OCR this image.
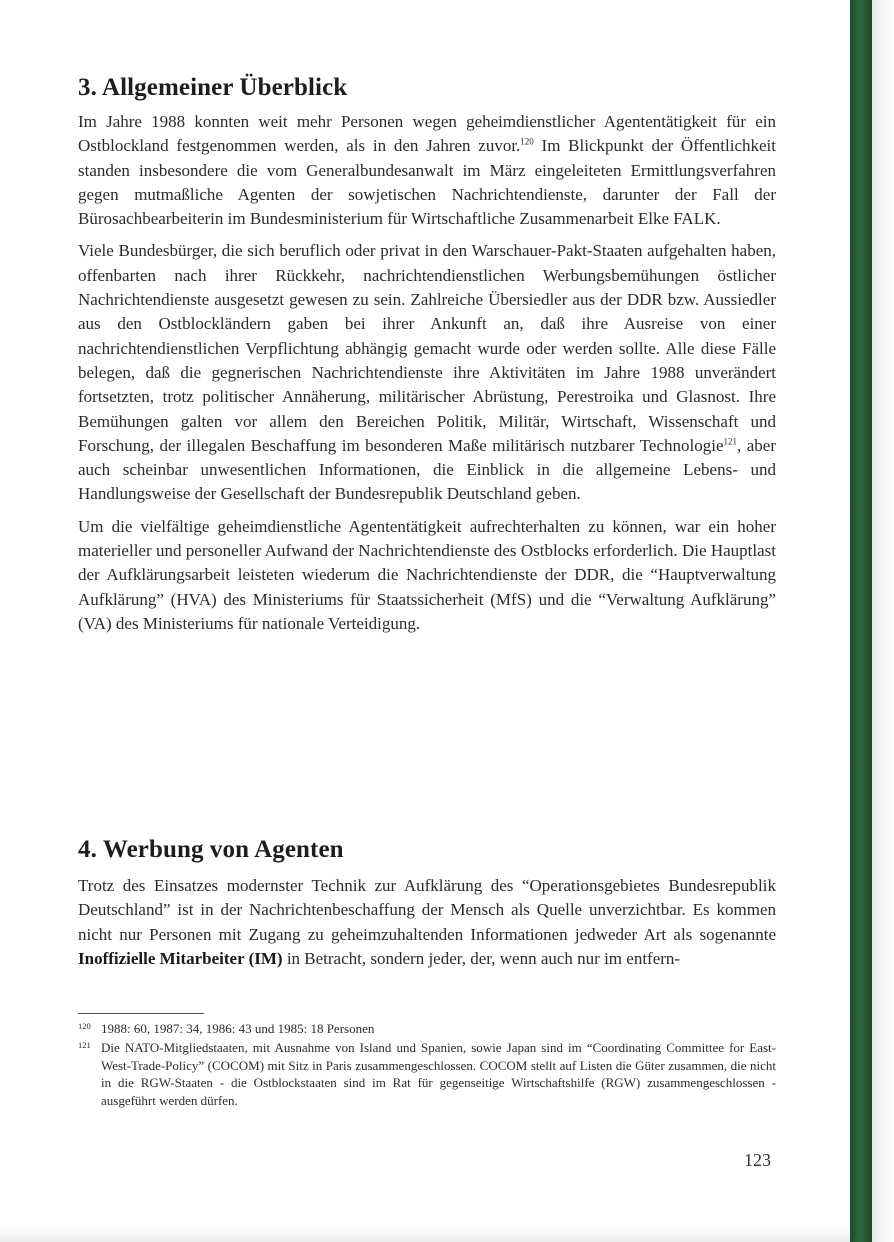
3. Allgemeiner Überblick

Im Jahre 1988 konnten weit mehr Personen wegen geheimdienstlicher Agententätigkeit für ein Ostblockland festgenommen werden, als in den Jahren zuvor.$^{120}$ Im Blickpunkt der Öffentlichkeit standen insbesondere die vom Generalbundesanwalt im März eingeleiteten Ermittlungsverfahren gegen mutmaßliche Agenten der sowjetischen Nachrichtendienste, darunter der Fall der Bürosachbearbeiterin im Bundesministerium für Wirtschaftliche Zusammenarbeit Elke FALK.

Viele Bundesbürger, die sich beruflich oder privat in den Warschauer-Pakt-Staaten aufgehalten haben, offenbarten nach ihrer Rückkehr, nachrichtendienstlichen Werbungsbemühungen östlicher Nachrichtendienste ausgesetzt gewesen zu sein. Zahlreiche Übersiedler aus der DDR bzw. Aussiedler aus den Ostblockländern gaben bei ihrer Ankunft an, daß ihre Ausreise von einer nachrichtendienstlichen Verpflichtung abhängig gemacht wurde oder werden sollte. Alle diese Fälle belegen, daß die gegnerischen Nachrichtendienste ihre Aktivitäten im Jahre 1988 unverändert fortsetzten, trotz politischer Annäherung, militärischer Abrüstung, Perestroika und Glasnost. Ihre Bemühungen galten vor allem den Bereichen Politik, Militär, Wirtschaft, Wissenschaft und Forschung, der illegalen Beschaffung im besonderen Maße militärisch nutzbarer Technologie$^{121}$, aber auch scheinbar unwesentlichen Informationen, die Einblick in die allgemeine Lebens- und Handlungsweise der Gesellschaft der Bundesrepublik Deutschland geben.

Um die vielfältige geheimdienstliche Agententätigkeit aufrechterhalten zu können, war ein hoher materieller und personeller Aufwand der Nachrichtendienste des Ostblocks erforderlich. Die Hauptlast der Aufklärungsarbeit leisteten wiederum die Nachrichtendienste der DDR, die “Hauptverwaltung Aufklärung” (HVA) des Ministeriums für Staatssicherheit (MfS) und die “Verwaltung Aufklärung” (VA) des Ministeriums für nationale Verteidigung.

4. Werbung von Agenten

Trotz des Einsatzes modernster Technik zur Aufklärung des “Operationsgebietes Bundesrepublik Deutschland” ist in der Nachrichtenbeschaffung der Mensch als Quelle unverzichtbar. Es kommen nicht nur Personen mit Zugang zu geheimzuhaltenden Informationen jedweder Art als sogenannte Inoffizielle Mitarbeiter (IM) in Betracht, sondern jeder, der, wenn auch nur im entfern-

120 1988: 60, 1987: 34, 1986: 43 und 1985: 18 Personen
121 Die NATO-Mitgliedstaaten, mit Ausnahme von Island und Spanien, sowie Japan sind im “Coordinating Committee for East-West-Trade-Policy” (COCOM) mit Sitz in Paris zusammengeschlossen. COCOM stellt auf Listen die Güter zusammen, die nicht in die RGW-Staaten - die Ostblockstaaten sind im Rat für gegenseitige Wirtschaftshilfe (RGW) zusammengeschlossen - ausgeführt werden dürfen.
123
